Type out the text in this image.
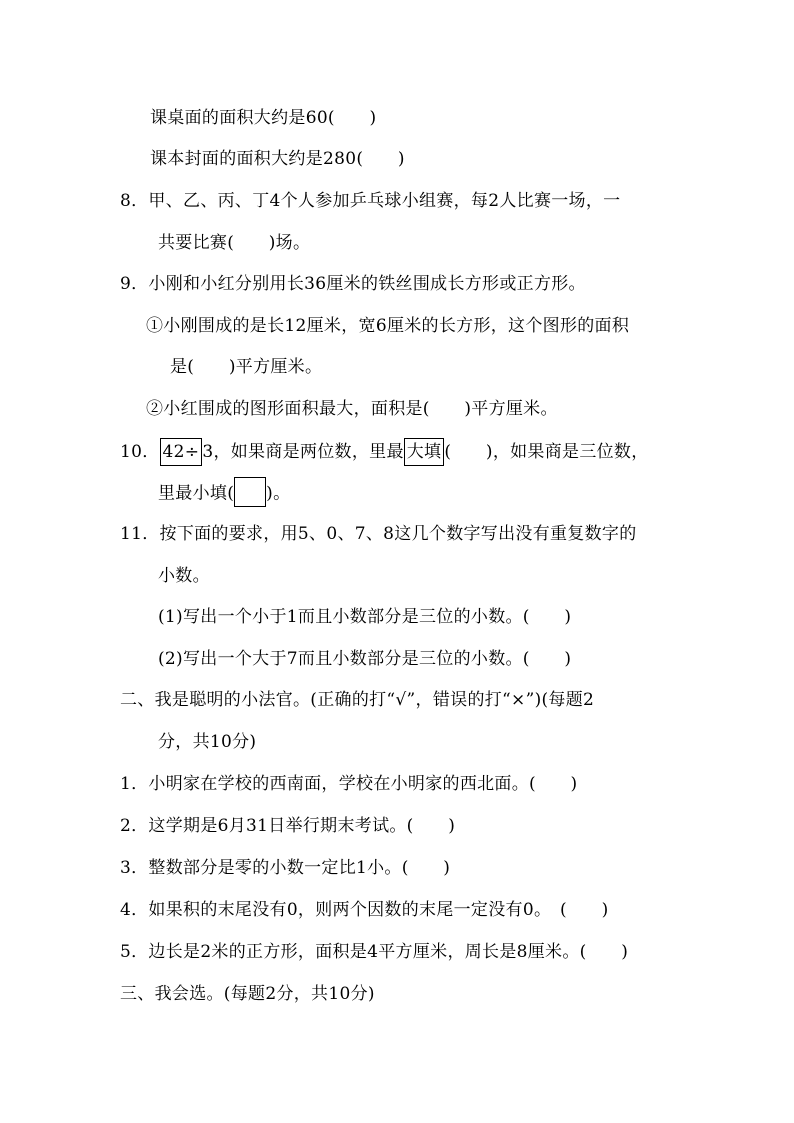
课桌面的面积大约是60(　　)
课本封面的面积大约是280(　　)
8．甲、乙、丙、丁4个人参加乒乓球小组赛，每2人比赛一场，一
共要比赛(　　)场。
9．小刚和小红分别用长36厘米的铁丝围成长方形或正方形。
①小刚围成的是长12厘米，宽6厘米的长方形，这个图形的面积
是(　　)平方厘米。
②小红围成的图形面积最大，面积是(　　)平方厘米。
10． 42÷ 3，如果商是两位数，里最 大填 (　　)，如果商是三位数，
里最小填( )。
11．按下面的要求，用5、0、7、8这几个数字写出没有重复数字的
小数。
(1)写出一个小于1而且小数部分是三位的小数。(　　)
(2)写出一个大于7而且小数部分是三位的小数。(　　)
二、我是聪明的小法官。(正确的打“√”，错误的打“×”)(每题2
分，共10分)
1．小明家在学校的西南面，学校在小明家的西北面。(　　)
2．这学期是6月31日举行期末考试。(　　)
3．整数部分是零的小数一定比1小。(　　)
4．如果积的末尾没有0，则两个因数的末尾一定没有0。　(　　)
5．边长是2米的正方形，面积是4平方厘米，周长是8厘米。(　　)
三、我会选。(每题2分，共10分)
